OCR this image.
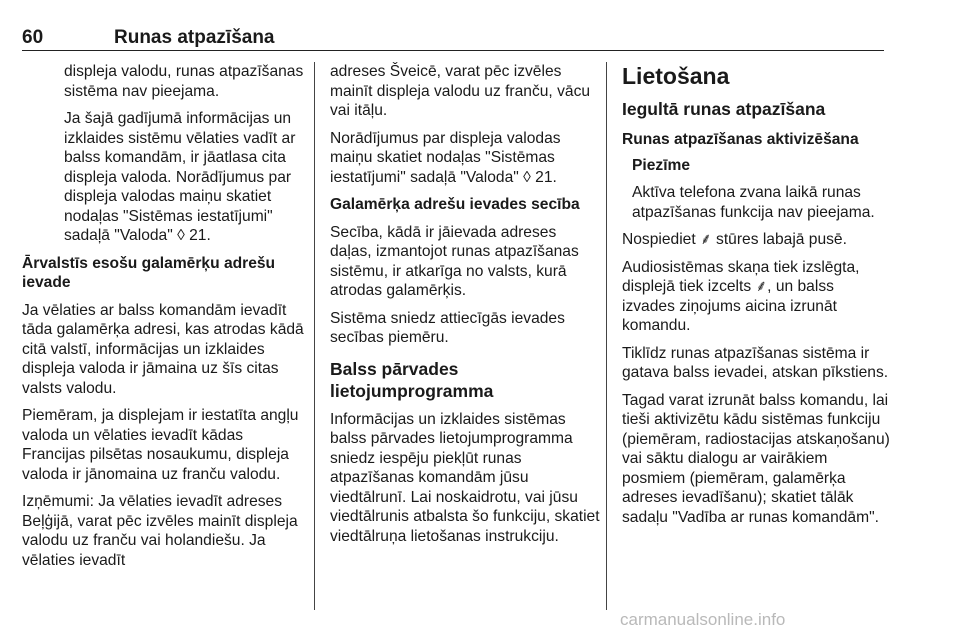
60	Runas atpazīšana

displeja valodu, runas atpazīšanas sistēma nav pieejama.

Ja šajā gadījumā informācijas un izklaides sistēmu vēlaties vadīt ar balss komandām, ir jāatlasa cita displeja valoda. Norādījumus par displeja valodas maiņu skatiet nodaļas "Sistēmas iestatījumi" sadaļā "Valoda" ◊ 21.

Ārvalstīs esošu galamērķu adrešu ievade

Ja vēlaties ar balss komandām ievadīt tāda galamērķa adresi, kas atrodas kādā citā valstī, informācijas un izklaides displeja valoda ir jāmaina uz šīs citas valsts valodu.

Piemēram, ja displejam ir iestatīta angļu valoda un vēlaties ievadīt kādas Francijas pilsētas nosaukumu, displeja valoda ir jānomaina uz franču valodu.

Izņēmumi: Ja vēlaties ievadīt adreses Beļģijā, varat pēc izvēles mainīt displeja valodu uz franču vai holandiešu. Ja vēlaties ievadīt

adreses Šveicē, varat pēc izvēles mainīt displeja valodu uz franču, vācu vai itāļu.

Norādījumus par displeja valodas maiņu skatiet nodaļas "Sistēmas iestatījumi" sadaļā "Valoda" ◊ 21.

Galamērķa adrešu ievades secība

Secība, kādā ir jāievada adreses daļas, izmantojot runas atpazīšanas sistēmu, ir atkarīga no valsts, kurā atrodas galamērķis.

Sistēma sniedz attiecīgās ievades secības piemēru.

Balss pārvades lietojumprogramma

Informācijas un izklaides sistēmas balss pārvades lietojumprogramma sniedz iespēju piekļūt runas atpazīšanas komandām jūsu viedtālrunī. Lai noskaidrotu, vai jūsu viedtālrunis atbalsta šo funkciju, skatiet viedtālruņa lietošanas instrukciju.

Lietošana
Iegultā runas atpazīšana
Runas atpazīšanas aktivizēšana

Piezīme

Aktīva telefona zvana laikā runas atpazīšanas funkcija nav pieejama.

Nospiediet ⸙ stūres labajā pusē.

Audiosistēmas skaņa tiek izslēgta, displejā tiek izcelts ⸙, un balss izvades ziņojums aicina izrunāt komandu.

Tiklīdz runas atpazīšanas sistēma ir gatava balss ievadei, atskan pīkstiens.

Tagad varat izrunāt balss komandu, lai tieši aktivizētu kādu sistēmas funkciju (piemēram, radiostacijas atskaņošanu) vai sāktu dialogu ar vairākiem posmiem (piemēram, galamērķa adreses ievadīšanu); skatiet tālāk sadaļu "Vadība ar runas komandām".

carmanualsonline.info
